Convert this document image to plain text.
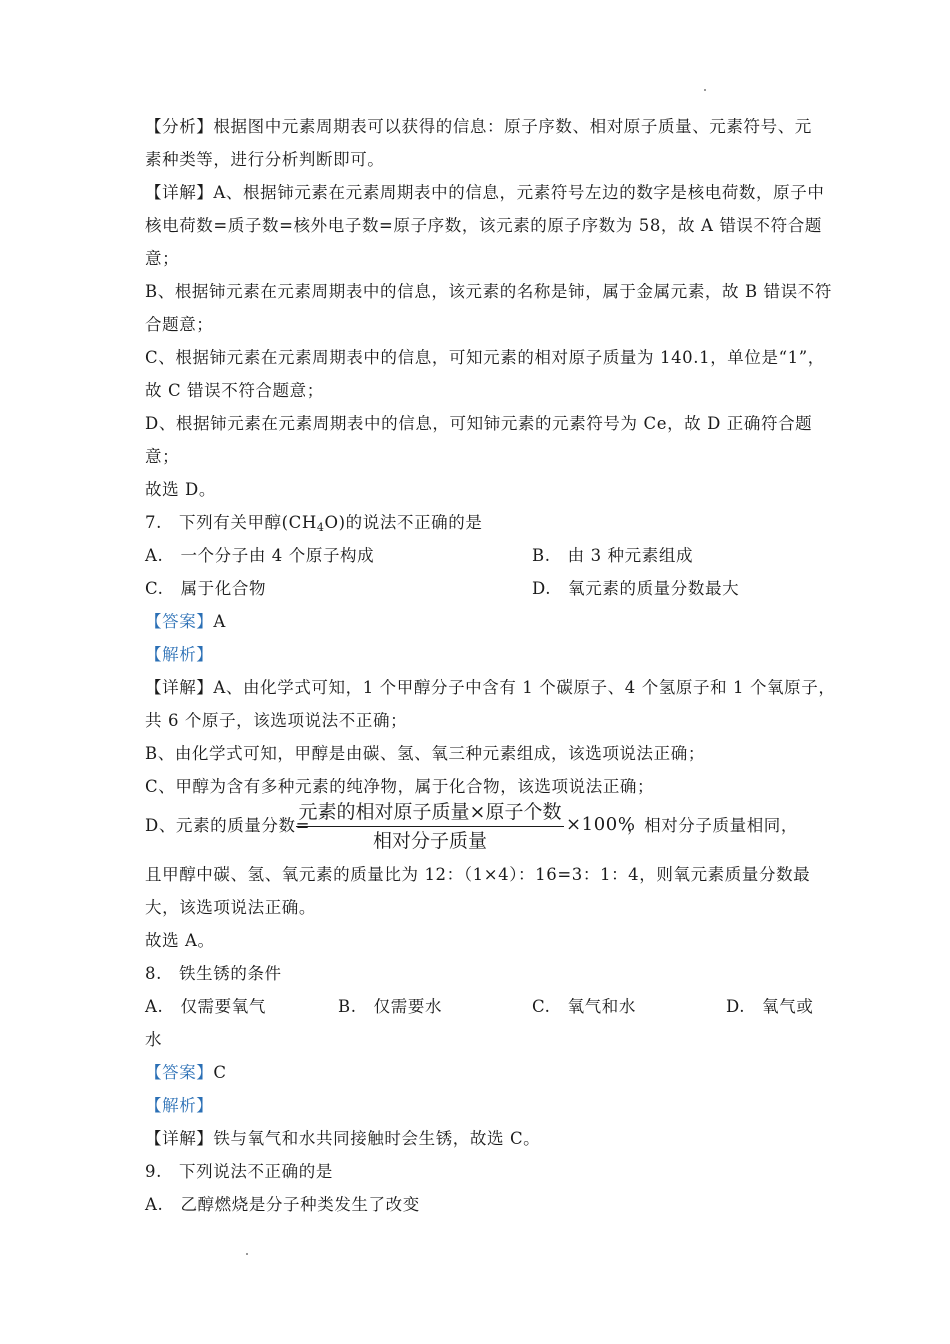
【分析】根据图中元素周期表可以获得的信息：原子序数、相对原子质量、元素符号、元
素种类等，进行分析判断即可。
【详解】A、根据铈元素在元素周期表中的信息，元素符号左边的数字是核电荷数，原子中
核电荷数=质子数=核外电子数=原子序数，该元素的原子序数为 58，故 A 错误不符合题
意；
B、根据铈元素在元素周期表中的信息，该元素的名称是铈，属于金属元素，故 B 错误不符
合题意；
C、根据铈元素在元素周期表中的信息，可知元素的相对原子质量为 140.1，单位是“1”，
故 C 错误不符合题意；
D、根据铈元素在元素周期表中的信息，可知铈元素的元素符号为 Ce，故 D 正确符合题
意；
故选 D。
7.　下列有关甲醇$(CH_4O)$的说法不正确的是
A.　一个分子由 4 个原子构成	B.　由 3 种元素组成
C.　属于化合物	D.　氧元素的质量分数最大
【答案】A
【解析】
【详解】A、由化学式可知，1 个甲醇分子中含有 1 个碳原子、4 个氢原子和 1 个氧原子，
共 6 个原子，该选项说法不正确；
B、由化学式可知，甲醇是由碳、氢、氧三种元素组成，该选项说法正确；
C、甲醇为含有多种元素的纯净物，属于化合物，该选项说法正确；
D、元素的质量分数=
元素的相对原子质量×原子个数
相对分子质量
×100%
，相对分子质量相同，
且甲醇中碳、氢、氧元素的质量比为 12：（1×4）：16=3：1：4，则氧元素质量分数最
大，该选项说法正确。
故选 A。
8.　铁生锈的条件
A.　仅需要氧气	B.　仅需要水	C.　氧气和水	D.　氧气或
水
【答案】C
【解析】
【详解】铁与氧气和水共同接触时会生锈，故选 C。
9.　下列说法不正确的是
A.　乙醇燃烧是分子种类发生了改变
